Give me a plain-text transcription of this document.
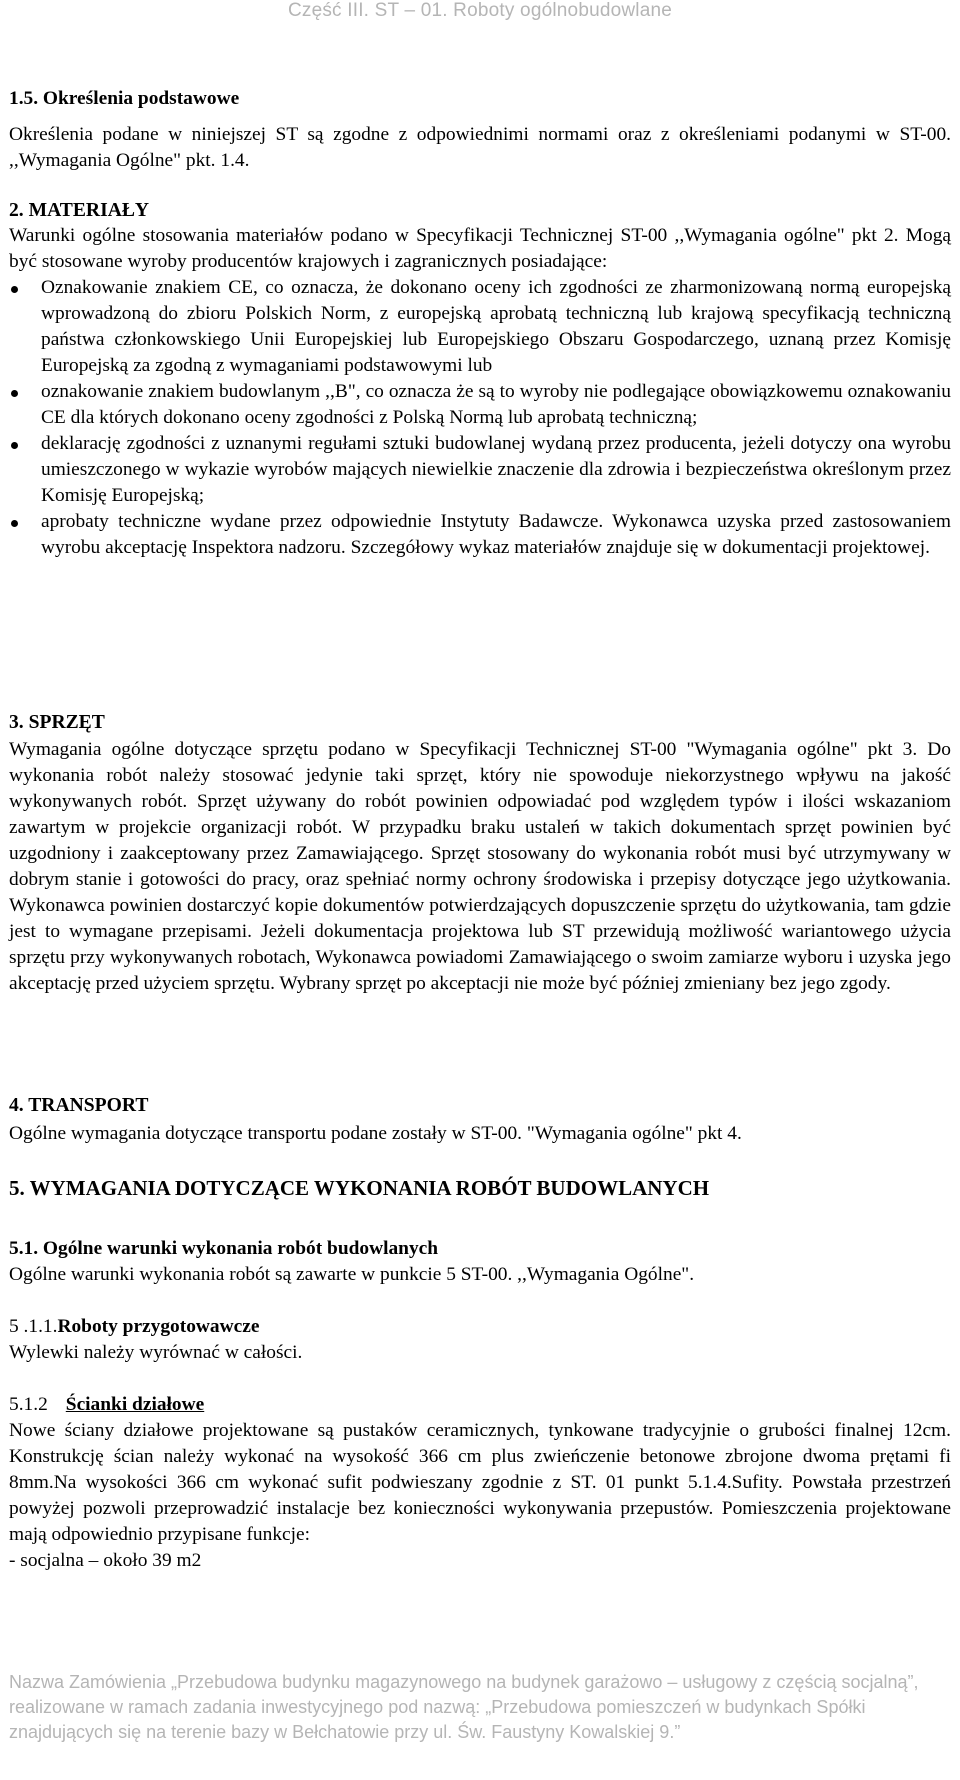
Część III. ST – 01. Roboty ogólnobudowlane
1.5. Określenia podstawowe
Określenia podane w niniejszej ST są zgodne z odpowiednimi normami oraz z określeniami podanymi w ST-00. ,,Wymagania Ogólne" pkt. 1.4.
2. MATERIAŁY
Warunki ogólne stosowania materiałów podano w Specyfikacji Technicznej ST-00 ,,Wymagania ogólne" pkt 2. Mogą być stosowane wyroby producentów krajowych i zagranicznych posiadające:
Oznakowanie znakiem CE, co oznacza, że dokonano oceny ich zgodności ze zharmonizowaną normą europejską wprowadzoną do zbioru Polskich Norm, z europejską aprobatą techniczną lub krajową specyfikacją techniczną państwa członkowskiego Unii Europejskiej lub Europejskiego Obszaru Gospodarczego, uznaną przez Komisję Europejską za zgodną z wymaganiami podstawowymi lub
oznakowanie znakiem budowlanym ,,B", co oznacza że są to wyroby nie podlegające obowiązkowemu oznakowaniu CE dla których dokonano oceny zgodności z Polską Normą lub aprobatą techniczną;
deklarację zgodności z uznanymi regułami sztuki budowlanej wydaną przez producenta, jeżeli dotyczy ona wyrobu umieszczonego w wykazie wyrobów mających niewielkie znaczenie dla zdrowia i bezpieczeństwa określonym przez Komisję Europejską;
aprobaty techniczne wydane przez odpowiednie Instytuty Badawcze. Wykonawca uzyska przed zastosowaniem wyrobu akceptację Inspektora nadzoru. Szczegółowy wykaz materiałów znajduje się w dokumentacji projektowej.
3. SPRZĘT
Wymagania ogólne dotyczące sprzętu podano w Specyfikacji Technicznej ST-00 "Wymagania ogólne" pkt 3. Do wykonania robót należy stosować jedynie taki sprzęt, który nie spowoduje niekorzystnego wpływu na jakość wykonywanych robót. Sprzęt używany do robót powinien odpowiadać pod względem typów i ilości wskazaniom zawartym w projekcie organizacji robót. W przypadku braku ustaleń w takich dokumentach sprzęt powinien być uzgodniony i zaakceptowany przez Zamawiającego. Sprzęt stosowany do wykonania robót musi być utrzymywany w dobrym stanie i gotowości do pracy, oraz spełniać normy ochrony środowiska i przepisy dotyczące jego użytkowania. Wykonawca powinien dostarczyć kopie dokumentów potwierdzających dopuszczenie sprzętu do użytkowania, tam gdzie jest to wymagane przepisami. Jeżeli dokumentacja projektowa lub ST przewidują możliwość wariantowego użycia sprzętu przy wykonywanych robotach, Wykonawca powiadomi Zamawiającego o swoim zamiarze wyboru i uzyska jego akceptację przed użyciem sprzętu. Wybrany sprzęt po akceptacji nie może być później zmieniany bez jego zgody.
4. TRANSPORT
Ogólne wymagania dotyczące transportu podane zostały w ST-00. "Wymagania ogólne" pkt 4.
5. WYMAGANIA DOTYCZĄCE WYKONANIA ROBÓT BUDOWLANYCH
5.1. Ogólne warunki wykonania robót budowlanych
Ogólne warunki wykonania robót są zawarte w punkcie 5 ST-00. ,,Wymagania Ogólne".
5 .1.1.Roboty przygotowawcze
Wylewki należy wyrównać w całości.
5.1.2 Ścianki działowe
Nowe ściany działowe projektowane są pustaków ceramicznych, tynkowane tradycyjnie o grubości finalnej 12cm. Konstrukcję ścian należy wykonać na wysokość 366 cm plus zwieńczenie betonowe zbrojone dwoma prętami fi 8mm.Na wysokości 366 cm wykonać sufit podwieszany zgodnie z ST. 01 punkt 5.1.4.Sufity. Powstała przestrzeń powyżej pozwoli przeprowadzić instalacje bez konieczności wykonywania przepustów. Pomieszczenia projektowane mają odpowiednio przypisane funkcje:
- socjalna – około 39 m2
Nazwa Zamówienia „Przebudowa budynku magazynowego na budynek garażowo – usługowy z częścią socjalną”, realizowane w ramach zadania inwestycyjnego pod nazwą: „Przebudowa pomieszczeń w budynkach Spółki znajdujących się na terenie bazy w Bełchatowie przy ul. Św. Faustyny Kowalskiej 9.”
